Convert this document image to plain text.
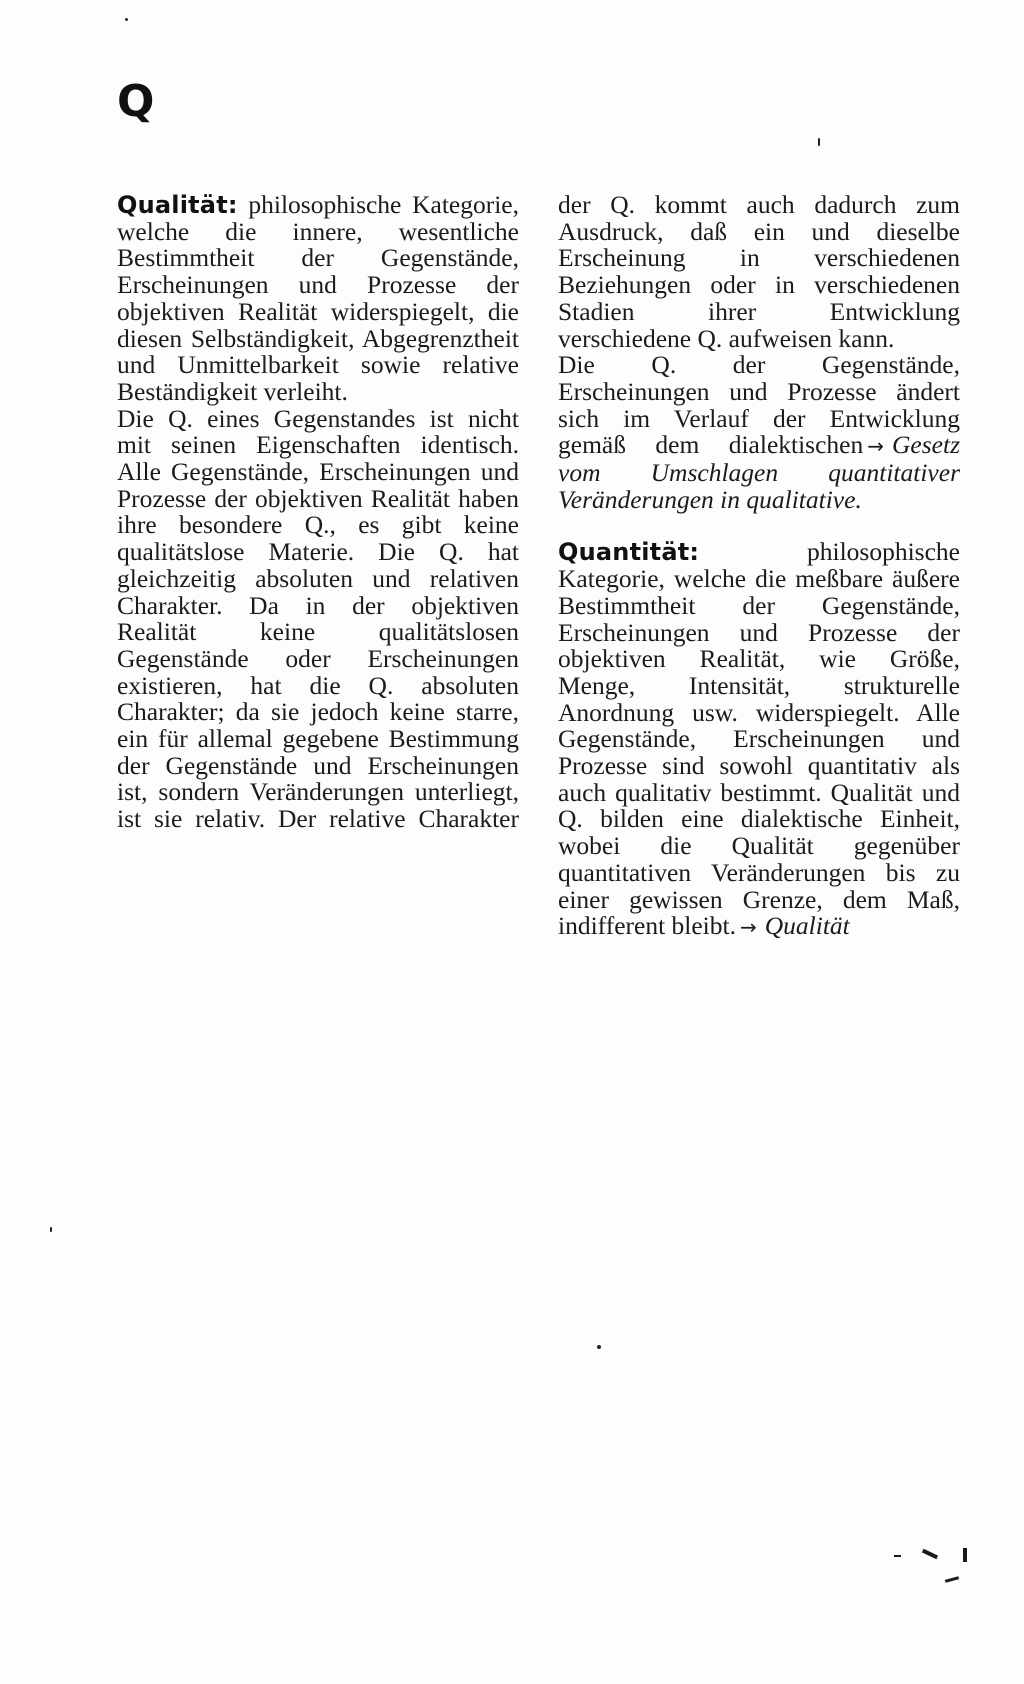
Q

Qualität: philosophische Kategorie, welche die innere, wesentliche Bestimmtheit der Gegenstände, Erscheinungen und Prozesse der objektiven Realität widerspiegelt, die diesen Selbständigkeit, Abgegrenztheit und Unmittelbarkeit sowie relative Beständigkeit verleiht.

Die Q. eines Gegenstandes ist nicht mit seinen Eigenschaften identisch. Alle Gegenstände, Erscheinungen und Prozesse der objektiven Realität haben ihre besondere Q., es gibt keine qualitätslose Materie. Die Q. hat gleichzeitig absoluten und relativen Charakter. Da in der objektiven Realität keine qualitätslosen Gegenstände oder Erscheinungen existieren, hat die Q. absoluten Charakter; da sie jedoch keine starre, ein für allemal gegebene Bestimmung der Gegenstände und Erscheinungen ist, sondern Veränderungen unterliegt, ist sie relativ. Der relative Charakter

der Q. kommt auch dadurch zum Ausdruck, daß ein und dieselbe Erscheinung in verschiedenen Beziehungen oder in verschiedenen Stadien ihrer Entwicklung verschiedene Q. aufweisen kann.

Die Q. der Gegenstände, Erscheinungen und Prozesse ändert sich im Verlauf der Entwicklung gemäß dem dialektischen → Gesetz vom Umschlagen quantitativer Veränderungen in qualitative.

Quantität:	philosophische Kategorie, welche die meßbare äußere Bestimmtheit der Gegenstände, Erscheinungen und Prozesse der objektiven Realität, wie Größe, Menge, Intensität, strukturelle Anordnung usw. widerspiegelt. Alle Gegenstände, Erscheinungen und Prozesse sind sowohl quantitativ als auch qualitativ bestimmt. Qualität und Q. bilden eine dialektische Einheit, wobei die Qualität gegenüber quantitativen Veränderungen bis zu einer gewissen Grenze, dem Maß, indifferent bleibt. → Qualität
